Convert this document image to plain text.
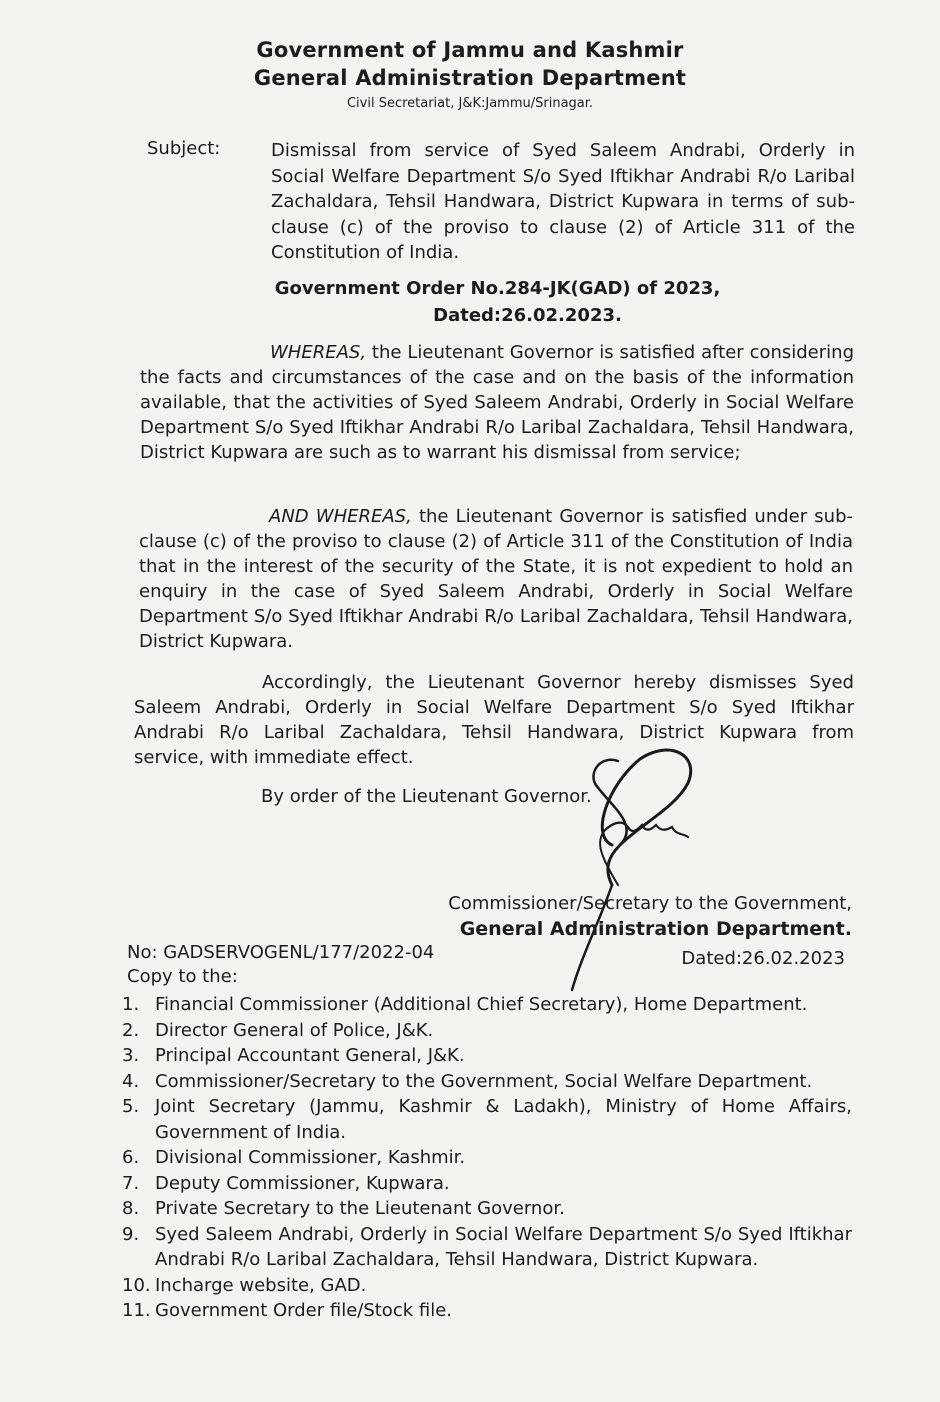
Government of Jammu and Kashmir
General Administration Department
Civil Secretariat, J&K:Jammu/Srinagar.
Subject:	Dismissal from service of Syed Saleem Andrabi, Orderly in Social Welfare Department S/o Syed Iftikhar Andrabi R/o Laribal Zachaldara, Tehsil Handwara, District Kupwara in terms of sub-clause (c) of the proviso to clause (2) of Article 311 of the Constitution of India.
Government Order No.284-JK(GAD) of 2023,
Dated:26.02.2023.
WHEREAS, the Lieutenant Governor is satisfied after considering the facts and circumstances of the case and on the basis of the information available, that the activities of Syed Saleem Andrabi, Orderly in Social Welfare Department S/o Syed Iftikhar Andrabi R/o Laribal Zachaldara, Tehsil Handwara, District Kupwara are such as to warrant his dismissal from service;
AND WHEREAS, the Lieutenant Governor is satisfied under sub-clause (c) of the proviso to clause (2) of Article 311 of the Constitution of India that in the interest of the security of the State, it is not expedient to hold an enquiry in the case of Syed Saleem Andrabi, Orderly in Social Welfare Department S/o Syed Iftikhar Andrabi R/o Laribal Zachaldara, Tehsil Handwara, District Kupwara.
Accordingly, the Lieutenant Governor hereby dismisses Syed Saleem Andrabi, Orderly in Social Welfare Department S/o Syed Iftikhar Andrabi R/o Laribal Zachaldara, Tehsil Handwara, District Kupwara from service, with immediate effect.
By order of the Lieutenant Governor.
Commissioner/Secretary to the Government,
General Administration Department.
No: GADSERVOGENL/177/2022-04	Dated:26.02.2023
Copy to the:
1. Financial Commissioner (Additional Chief Secretary), Home Department.
2. Director General of Police, J&K.
3. Principal Accountant General, J&K.
4. Commissioner/Secretary to the Government, Social Welfare Department.
5. Joint Secretary (Jammu, Kashmir & Ladakh), Ministry of Home Affairs, Government of India.
6. Divisional Commissioner, Kashmir.
7. Deputy Commissioner, Kupwara.
8. Private Secretary to the Lieutenant Governor.
9. Syed Saleem Andrabi, Orderly in Social Welfare Department S/o Syed Iftikhar Andrabi R/o Laribal Zachaldara, Tehsil Handwara, District Kupwara.
10. Incharge website, GAD.
11. Government Order file/Stock file.
